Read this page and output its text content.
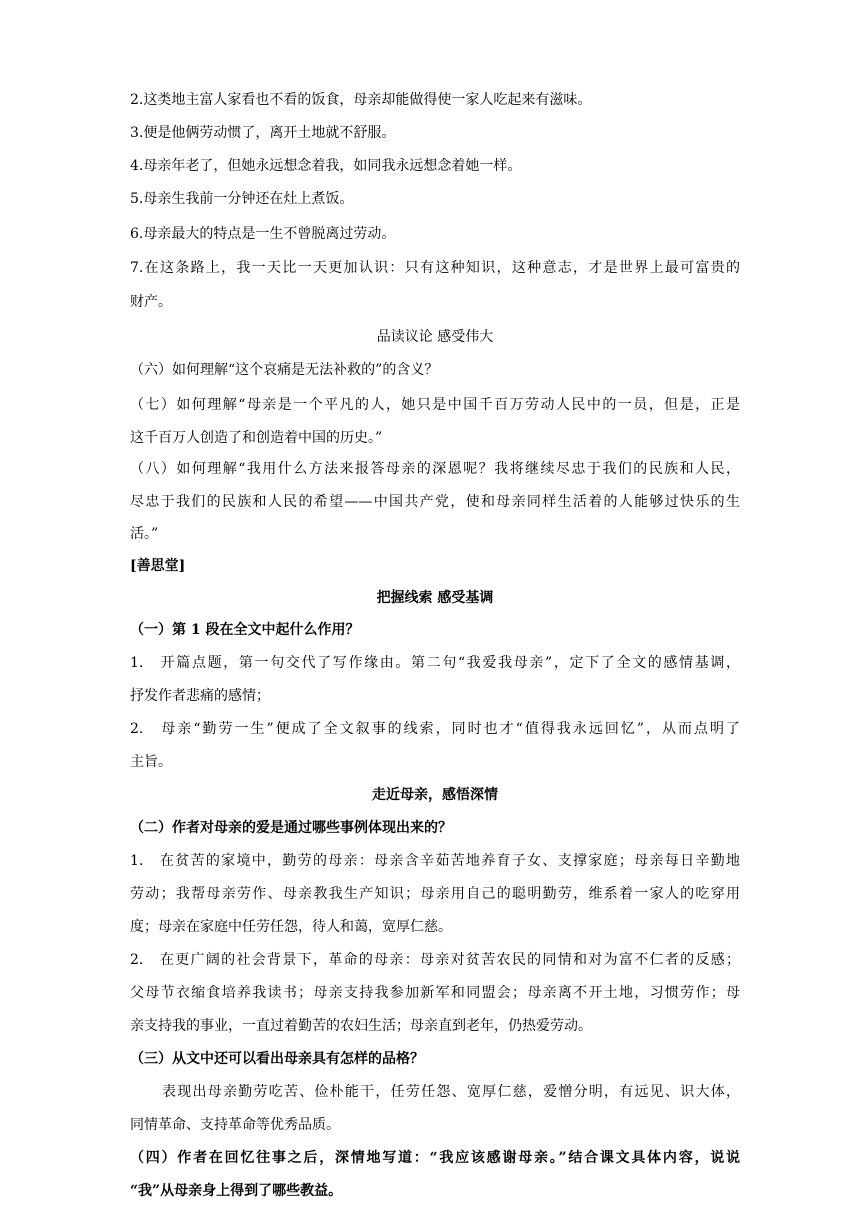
2.这类地主富人家看也不看的饭食，母亲却能做得使一家人吃起来有滋味。
3.便是他俩劳动惯了，离开土地就不舒服。
4.母亲年老了，但她永远想念着我，如同我永远想念着她一样。
5.母亲生我前一分钟还在灶上煮饭。
6.母亲最大的特点是一生不曾脱离过劳动。
7.在这条路上，我一天比一天更加认识：只有这种知识，这种意志，才是世界上最可富贵的
财产。
品读议论 感受伟大
（六）如何理解“这个哀痛是无法补救的”的含义？
（七）如何理解“母亲是一个平凡的人，她只是中国千百万劳动人民中的一员，但是，正是
这千百万人创造了和创造着中国的历史。”
（八）如何理解“我用什么方法来报答母亲的深恩呢？我将继续尽忠于我们的民族和人民，
尽忠于我们的民族和人民的希望——中国共产党，使和母亲同样生活着的人能够过快乐的生
活。”
[善思堂]
把握线索 感受基调
（一）第 1 段在全文中起什么作用？
1.　开篇点题，第一句交代了写作缘由。第二句“我爱我母亲”，定下了全文的感情基调，
抒发作者悲痛的感情；
2.　母亲“勤劳一生”便成了全文叙事的线索，同时也才“值得我永远回忆”，从而点明了
主旨。
走近母亲，感悟深情
（二）作者对母亲的爱是通过哪些事例体现出来的？
1.　在贫苦的家境中，勤劳的母亲：母亲含辛茹苦地养育子女、支撑家庭；母亲每日辛勤地
劳动；我帮母亲劳作、母亲教我生产知识；母亲用自己的聪明勤劳，维系着一家人的吃穿用
度；母亲在家庭中任劳任怨，待人和蔼，宽厚仁慈。
2.　在更广阔的社会背景下，革命的母亲：母亲对贫苦农民的同情和对为富不仁者的反感；
父母节衣缩食培养我读书；母亲支持我参加新军和同盟会；母亲离不开土地，习惯劳作；母
亲支持我的事业，一直过着勤苦的农妇生活；母亲直到老年，仍热爱劳动。
（三）从文中还可以看出母亲具有怎样的品格？
表现出母亲勤劳吃苦、俭朴能干，任劳任怨、宽厚仁慈，爱憎分明，有远见、识大体，
同情革命、支持革命等优秀品质。
（四）作者在回忆往事之后，深情地写道：“我应该感谢母亲。”结合课文具体内容，说说
“我”从母亲身上得到了哪些教益。
